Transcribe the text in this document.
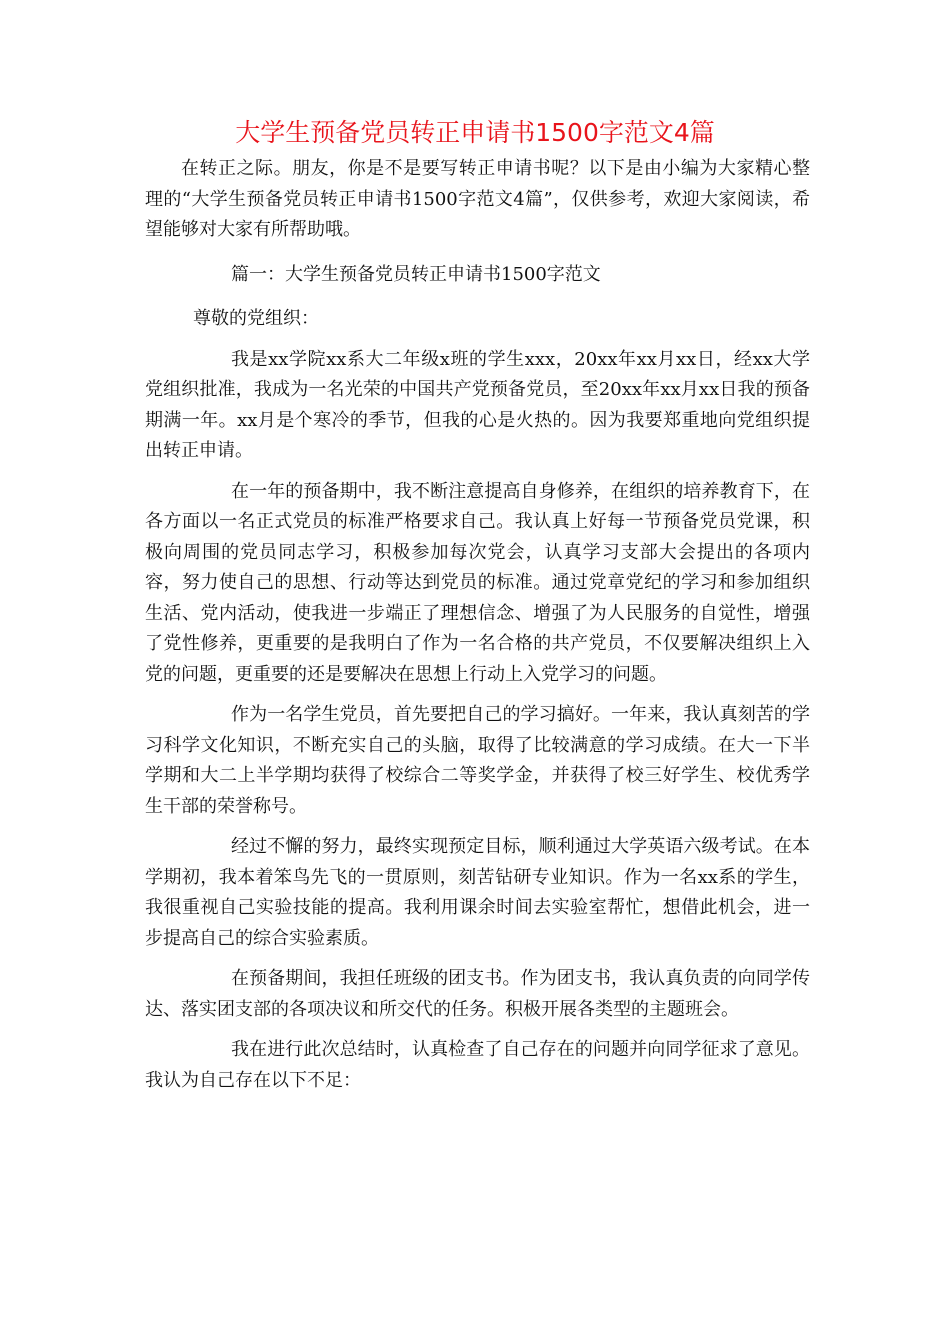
大学生预备党员转正申请书1500字范文4篇

在转正之际。朋友，你是不是要写转正申请书呢？以下是由小编为大家精心整理的“大学生预备党员转正申请书1500字范文4篇”，仅供参考，欢迎大家阅读，希望能够对大家有所帮助哦。

篇一：大学生预备党员转正申请书1500字范文

尊敬的党组织：

我是xx学院xx系大二年级x班的学生xxx，20xx年xx月xx日，经xx大学党组织批准，我成为一名光荣的中国共产党预备党员，至20xx年xx月xx日我的预备期满一年。xx月是个寒冷的季节，但我的心是火热的。因为我要郑重地向党组织提出转正申请。

在一年的预备期中，我不断注意提高自身修养，在组织的培养教育下，在各方面以一名正式党员的标准严格要求自己。我认真上好每一节预备党员党课，积极向周围的党员同志学习，积极参加每次党会，认真学习支部大会提出的各项内容，努力使自己的思想、行动等达到党员的标准。通过党章党纪的学习和参加组织生活、党内活动，使我进一步端正了理想信念、增强了为人民服务的自觉性，增强了党性修养，更重要的是我明白了作为一名合格的共产党员，不仅要解决组织上入党的问题，更重要的还是要解决在思想上行动上入党学习的问题。

作为一名学生党员，首先要把自己的学习搞好。一年来，我认真刻苦的学习科学文化知识，不断充实自己的头脑，取得了比较满意的学习成绩。在大一下半学期和大二上半学期均获得了校综合二等奖学金，并获得了校三好学生、校优秀学生干部的荣誉称号。

经过不懈的努力，最终实现预定目标，顺利通过大学英语六级考试。在本学期初，我本着笨鸟先飞的一贯原则，刻苦钻研专业知识。作为一名xx系的学生，我很重视自己实验技能的提高。我利用课余时间去实验室帮忙，想借此机会，进一步提高自己的综合实验素质。

在预备期间，我担任班级的团支书。作为团支书，我认真负责的向同学传达、落实团支部的各项决议和所交代的任务。积极开展各类型的主题班会。

我在进行此次总结时，认真检查了自己存在的问题并向同学征求了意见。我认为自己存在以下不足：
